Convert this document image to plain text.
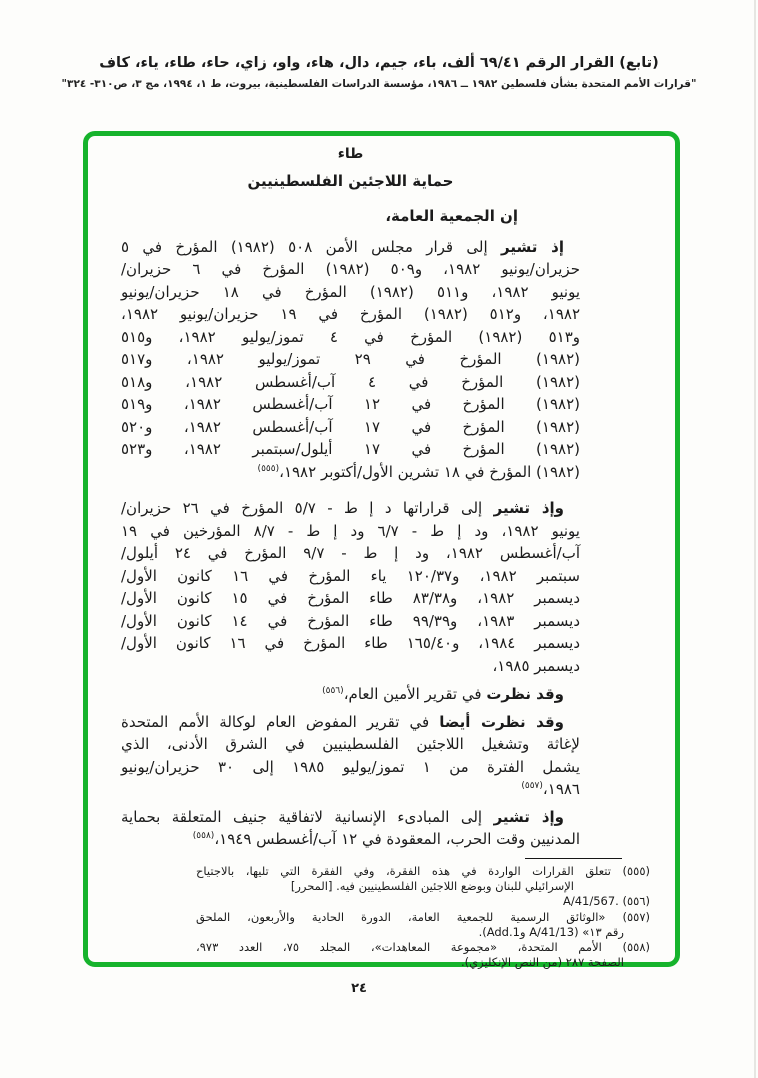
(تابع) القرار الرقم ٦٩/٤١ ألف، باء، جيم، دال، هاء، واو، زاي، حاء، طاء، ياء، كاف
"قرارات الأمم المتحدة بشأن فلسطين ١٩٨٢ ــ ١٩٨٦، مؤسسة الدراسات الفلسطينية، بيروت، ط ١، ١٩٩٤، مج ٣، ص٣١٠- ٣٢٤"
طاء
حماية اللاجئين الفلسطينيين
إن الجمعية العامة،
إذ تشير إلى قرار مجلس الأمن ٥٠٨ (١٩٨٢) المؤرخ في ٥
حزيران/يونيو ١٩٨٢، و٥٠٩ (١٩٨٢) المؤرخ في ٦ حزيران/
يونيو ١٩٨٢، و٥١١ (١٩٨٢) المؤرخ في ١٨ حزيران/يونيو
١٩٨٢، و٥١٢ (١٩٨٢) المؤرخ في ١٩ حزيران/يونيو ١٩٨٢،
و٥١٣ (١٩٨٢) المؤرخ في ٤ تموز/يوليو ١٩٨٢، و٥١٥
(١٩٨٢) المؤرخ في ٢٩ تموز/يوليو ١٩٨٢، و٥١٧
(١٩٨٢) المؤرخ في ٤ آب/أغسطس ١٩٨٢، و٥١٨
(١٩٨٢) المؤرخ في ١٢ آب/أغسطس ١٩٨٢، و٥١٩
(١٩٨٢) المؤرخ في ١٧ آب/أغسطس ١٩٨٢، و٥٢٠
(١٩٨٢) المؤرخ في ١٧ أيلول/سبتمبر ١٩٨٢، و٥٢٣
(١٩٨٢) المؤرخ في ١٨ تشرين الأول/أكتوبر ١٩٨٢،$^{(٥٥٥)}$
وإذ تشير إلى قراراتها د إ ط - ٥/٧ المؤرخ في ٢٦ حزيران/
يونيو ١٩٨٢، ود إ ط - ٦/٧ ود إ ط - ٨/٧ المؤرخين في ١٩
آب/أغسطس ١٩٨٢، ود إ ط - ٩/٧ المؤرخ في ٢٤ أيلول/
سبتمبر ١٩٨٢، و١٢٠/٣٧ ياء المؤرخ في ١٦ كانون الأول/
ديسمبر ١٩٨٢، و٨٣/٣٨ طاء المؤرخ في ١٥ كانون الأول/
ديسمبر ١٩٨٣، و٩٩/٣٩ طاء المؤرخ في ١٤ كانون الأول/
ديسمبر ١٩٨٤، و١٦٥/٤٠ طاء المؤرخ في ١٦ كانون الأول/
ديسمبر ١٩٨٥،
وقد نظرت في تقرير الأمين العام،$^{(٥٥٦)}$
وقد نظرت أيضا في تقرير المفوض العام لوكالة الأمم المتحدة
لإغاثة وتشغيل اللاجئين الفلسطينيين في الشرق الأدنى، الذي
يشمل الفترة من ١ تموز/يوليو ١٩٨٥ إلى ٣٠ حزيران/يونيو
١٩٨٦،$^{(٥٥٧)}$
وإذ تشير إلى المبادىء الإنسانية لاتفاقية جنيف المتعلقة بحماية
المدنيين وقت الحرب، المعقودة في ١٢ آب/أغسطس ١٩٤٩،$^{(٥٥٨)}$
(٥٥٥) تتعلق القرارات الواردة في هذه الفقرة، وفي الفقرة التي تليها، بالاجتياح
الإسرائيلي للبنان وبوضع اللاجئين الفلسطينيين فيه. [المحرر]
(٥٥٦) ‎A/41/567.‎
(٥٥٧) «الوثائق الرسمية للجمعية العامة، الدورة الحادية والأربعون، الملحق
رقم ١٣» (A/41/13 وAdd.1).
(٥٥٨) الأمم المتحدة، «مجموعة المعاهدات»، المجلد ٧٥، العدد ٩٧٣،
الصفحة ٢٨٧ (من النص الإنكليزي).
٢٤
